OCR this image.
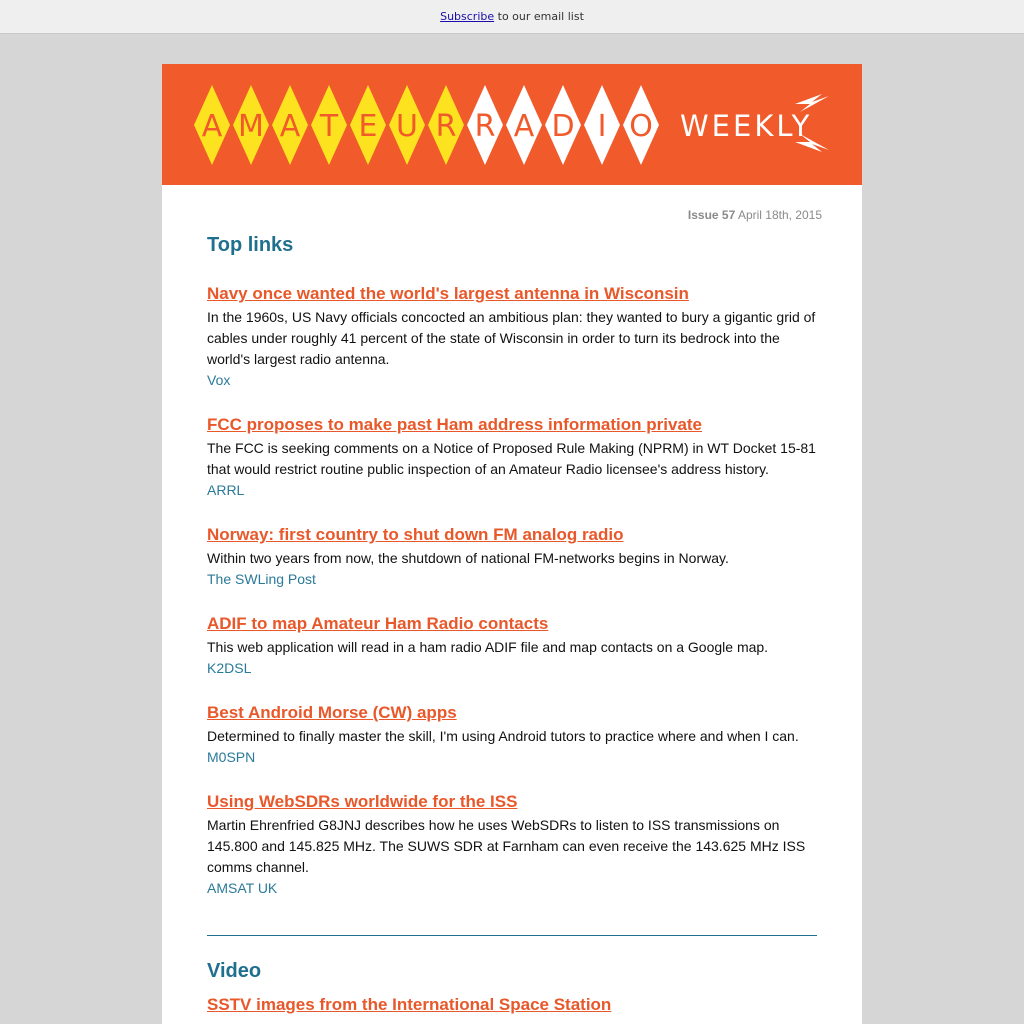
Subscribe to our email list
A M A T E U R R A D I O WEEKLY
Issue 57 April 18th, 2015
Top links
Navy once wanted the world's largest antenna in Wisconsin
In the 1960s, US Navy officials concocted an ambitious plan: they wanted to bury a gigantic grid of cables under roughly 41 percent of the state of Wisconsin in order to turn its bedrock into the world's largest radio antenna.
Vox
FCC proposes to make past Ham address information private
The FCC is seeking comments on a Notice of Proposed Rule Making (NPRM) in WT Docket 15-81 that would restrict routine public inspection of an Amateur Radio licensee's address history.
ARRL
Norway: first country to shut down FM analog radio
Within two years from now, the shutdown of national FM-networks begins in Norway.
The SWLing Post
ADIF to map Amateur Ham Radio contacts
This web application will read in a ham radio ADIF file and map contacts on a Google map.
K2DSL
Best Android Morse (CW) apps
Determined to finally master the skill, I'm using Android tutors to practice where and when I can.
M0SPN
Using WebSDRs worldwide for the ISS
Martin Ehrenfried G8JNJ describes how he uses WebSDRs to listen to ISS transmissions on 145.800 and 145.825 MHz. The SUWS SDR at Farnham can even receive the 143.625 MHz ISS comms channel.
AMSAT UK
Video
SSTV images from the International Space Station
